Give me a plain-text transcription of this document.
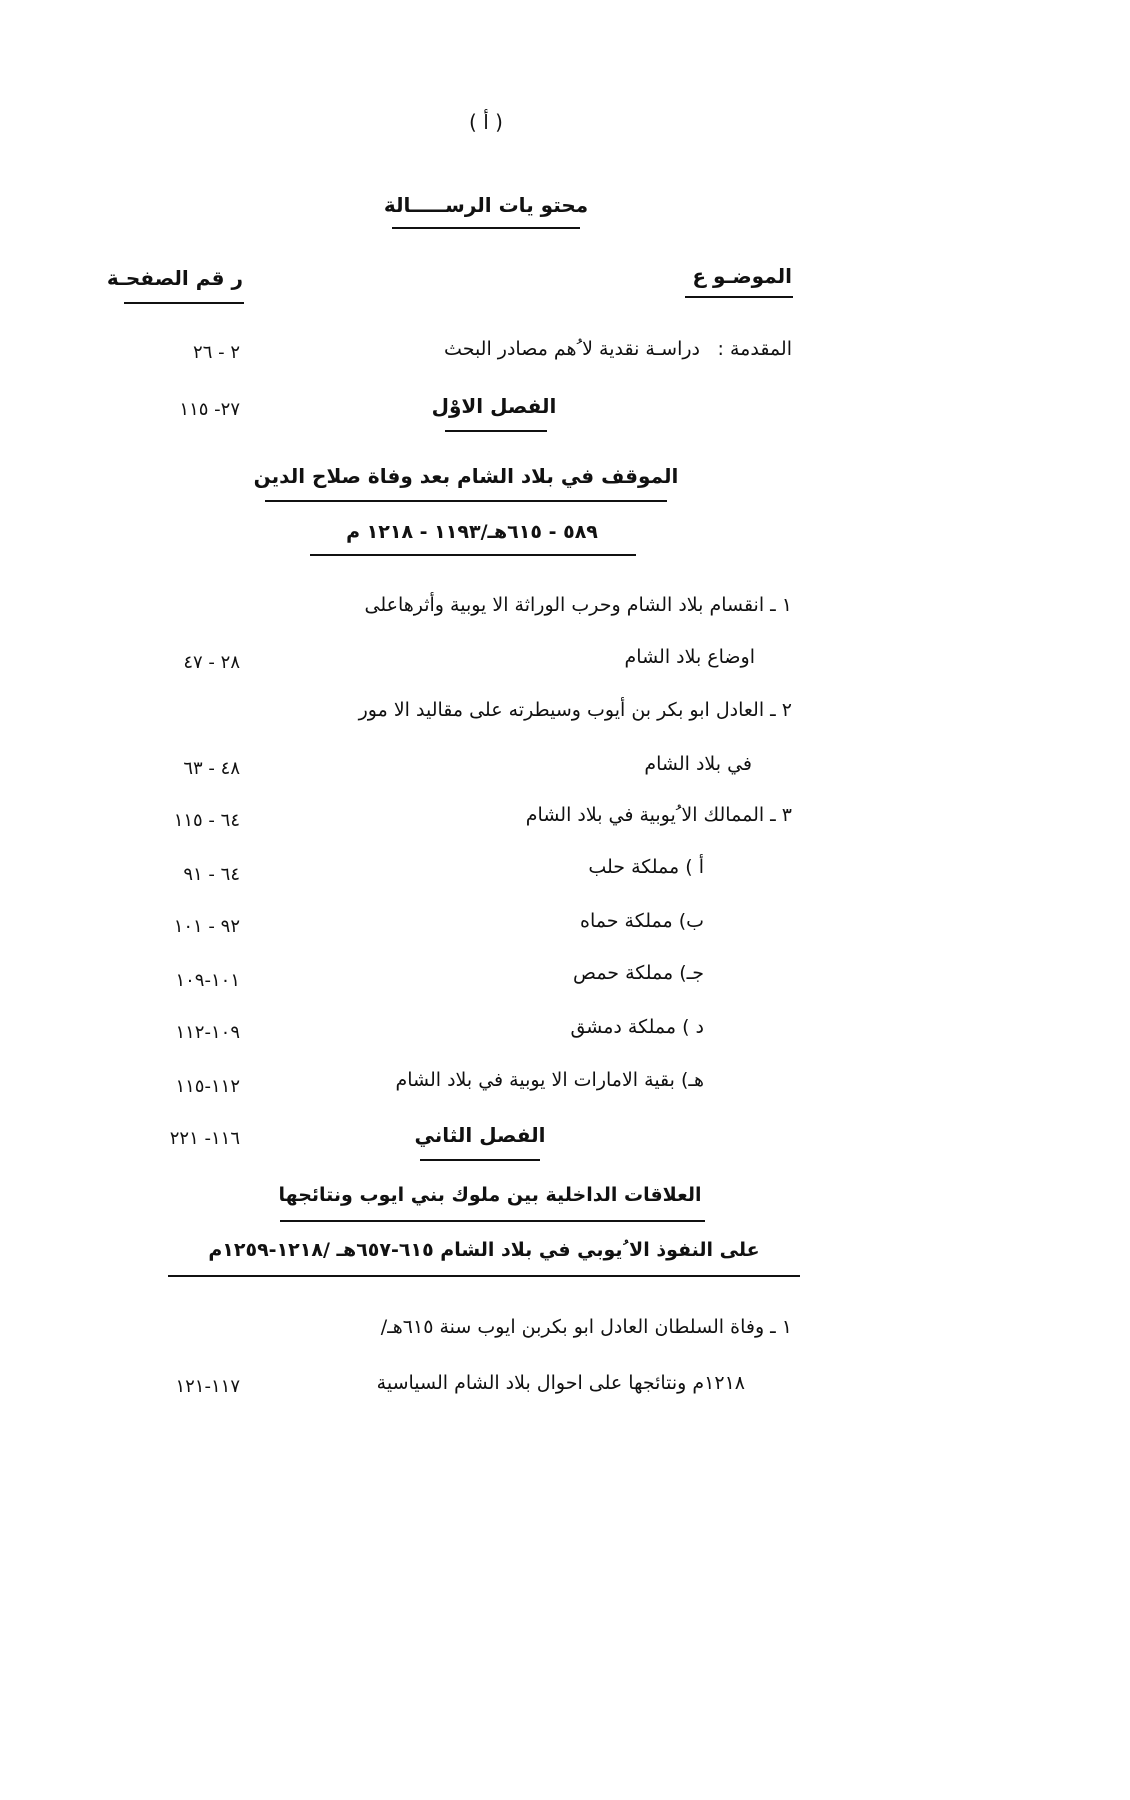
( أ )
محتو يات الرســـــالة
الموضـو ع
ر قم الصفحـة
المقدمة :
دراسـة نقدية لا ُهم مصادر البحث
٢ - ٢٦
الفصل الاوْل
٢٧- ١١٥
الموقف في بلاد الشام بعد وفاة صلاح الدين
٥٨٩ - ٦١٥هـ/١١٩٣ - ١٢١٨ م
١ ـ انقسام بلاد الشام وحرب الوراثة الا يوبية وأثرهاعلى
اوضاع بلاد الشام
٢٨ - ٤٧
٢ ـ العادل ابو بكر بن أيوب وسيطرته على مقاليد الا مور
في بلاد الشام
٤٨ - ٦٣
٣ ـ الممالك الا ُيوبية في بلاد الشام
٦٤ - ١١٥
أ ) مملكة حلب
٦٤ - ٩١
ب) مملكة حماه
٩٢ - ١٠١
جـ) مملكة حمص
١٠١-١٠٩
د ) مملكة دمشق
١٠٩-١١٢
هـ) بقية الامارات الا يوبية في بلاد الشام
١١٢-١١٥
الفصل الثاني
١١٦- ٢٢١
العلاقات الداخلية بين ملوك بني ايوب ونتائجها
على النفوذ الا ُيوبي في بلاد الشام ٦١٥-٦٥٧هـ /١٢١٨-١٢٥٩م
١ ـ وفاة السلطان العادل ابو بكربن ايوب سنة ٦١٥هـ/
١٢١٨م ونتائجها على احوال بلاد الشام السياسية
١١٧-١٢١
